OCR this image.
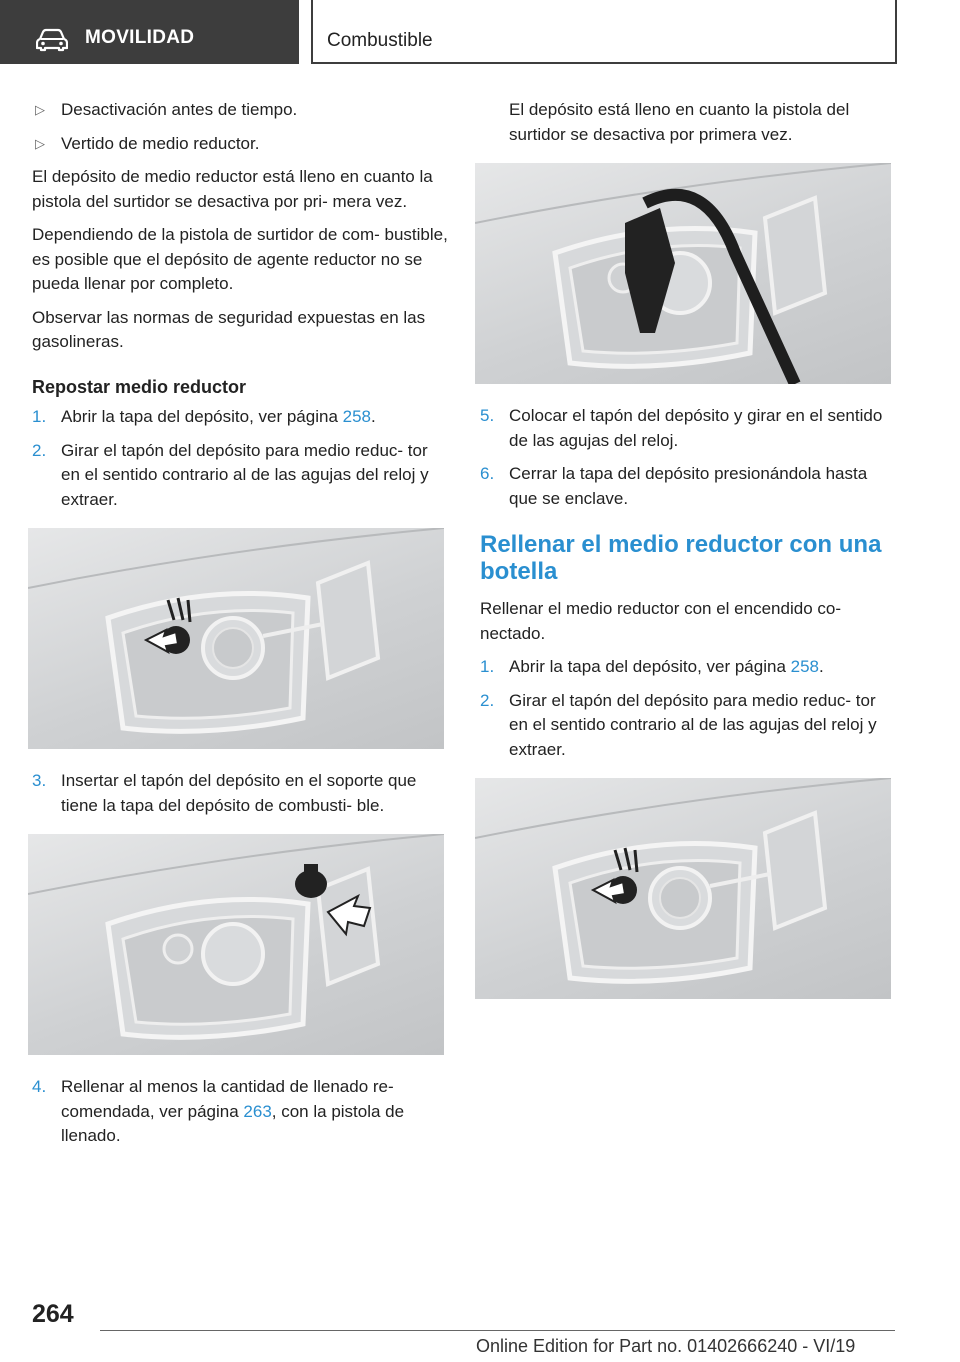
MOVILIDAD	Combustible
▷ Desactivación antes de tiempo.
▷ Vertido de medio reductor.

El depósito de medio reductor está lleno en cuanto la pistola del surtidor se desactiva por pri- mera vez.

Dependiendo de la pistola de surtidor de com- bustible, es posible que el depósito de agente reductor no se pueda llenar por completo.

Observar las normas de seguridad expuestas en las gasolineras.

Repostar medio reductor
1. Abrir la tapa del depósito, ver página 258.
2. Girar el tapón del depósito para medio reduc- tor en el sentido contrario al de las agujas del reloj y extraer.
3. Insertar el tapón del depósito en el soporte que tiene la tapa del depósito de combusti- ble.
4. Rellenar al menos la cantidad de llenado re- comendada, ver página 263, con la pistola de llenado.
El depósito está lleno en cuanto la pistola del surtidor se desactiva por primera vez.
5. Colocar el tapón del depósito y girar en el sentido de las agujas del reloj.
6. Cerrar la tapa del depósito presionándola hasta que se enclave.
Rellenar el medio reductor con una botella

Rellenar el medio reductor con el encendido co- nectado.

1. Abrir la tapa del depósito, ver página 258.
2. Girar el tapón del depósito para medio reduc- tor en el sentido contrario al de las agujas del reloj y extraer.
264
Online Edition for Part no. 01402666240 - VI/19
